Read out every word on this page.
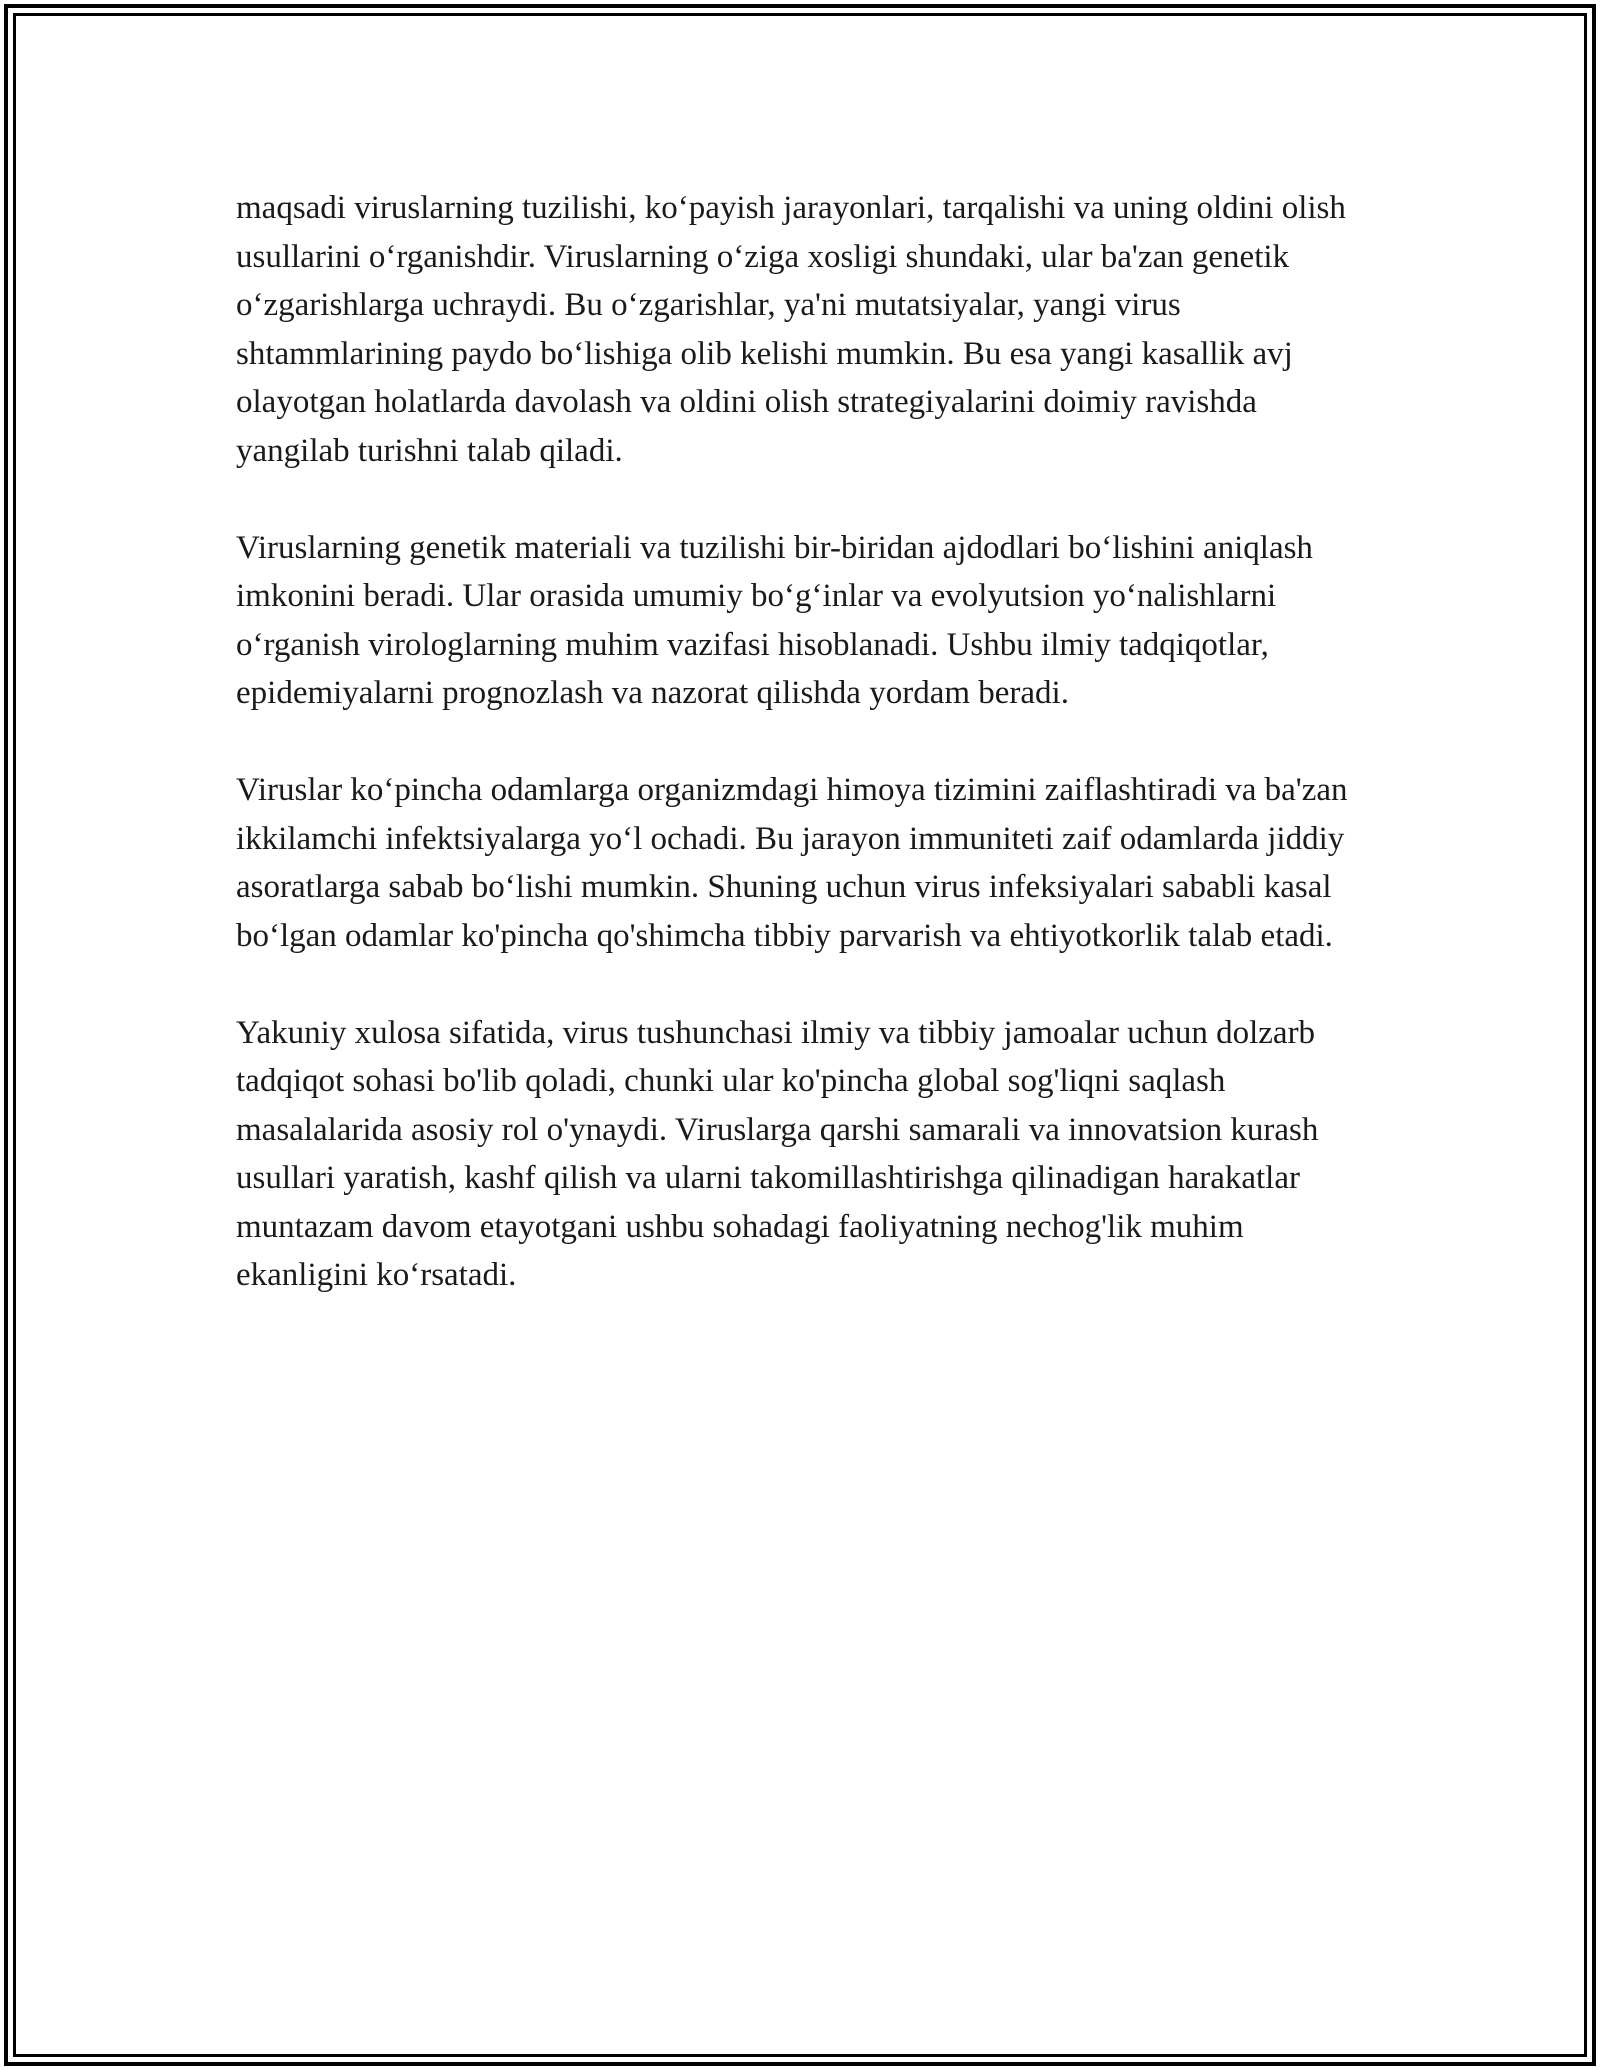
maqsadi viruslarning tuzilishi, koʻpayish jarayonlari, tarqalishi va uning oldini olish usullarini oʻrganishdir. Viruslarning oʻziga xosligi shundaki, ular ba'zan genetik oʻzgarishlarga uchraydi. Bu oʻzgarishlar, ya'ni mutatsiyalar, yangi virus shtammlarining paydo boʻlishiga olib kelishi mumkin. Bu esa yangi kasallik avj olayotgan holatlarda davolash va oldini olish strategiyalarini doimiy ravishda yangilab turishni talab qiladi.

Viruslarning genetik materiali va tuzilishi bir-biridan ajdodlari boʻlishini aniqlash imkonini beradi. Ular orasida umumiy boʻgʻinlar va evolyutsion yoʻnalishlarni oʻrganish virologlarning muhim vazifasi hisoblanadi. Ushbu ilmiy tadqiqotlar, epidemiyalarni prognozlash va nazorat qilishda yordam beradi.

Viruslar koʻpincha odamlarga organizmdagi himoya tizimini zaiflashtiradi va ba'zan ikkilamchi infektsiyalarga yoʻl ochadi. Bu jarayon immuniteti zaif odamlarda jiddiy asoratlarga sabab boʻlishi mumkin. Shuning uchun virus infeksiyalari sababli kasal boʻlgan odamlar ko'pincha qo'shimcha tibbiy parvarish va ehtiyotkorlik talab etadi.

Yakuniy xulosa sifatida, virus tushunchasi ilmiy va tibbiy jamoalar uchun dolzarb tadqiqot sohasi bo'lib qoladi, chunki ular ko'pincha global sog'liqni saqlash masalalarida asosiy rol o'ynaydi. Viruslarga qarshi samarali va innovatsion kurash usullari yaratish, kashf qilish va ularni takomillashtirishga qilinadigan harakatlar muntazam davom etayotgani ushbu sohadagi faoliyatning nechog'lik muhim ekanligini koʻrsatadi.
